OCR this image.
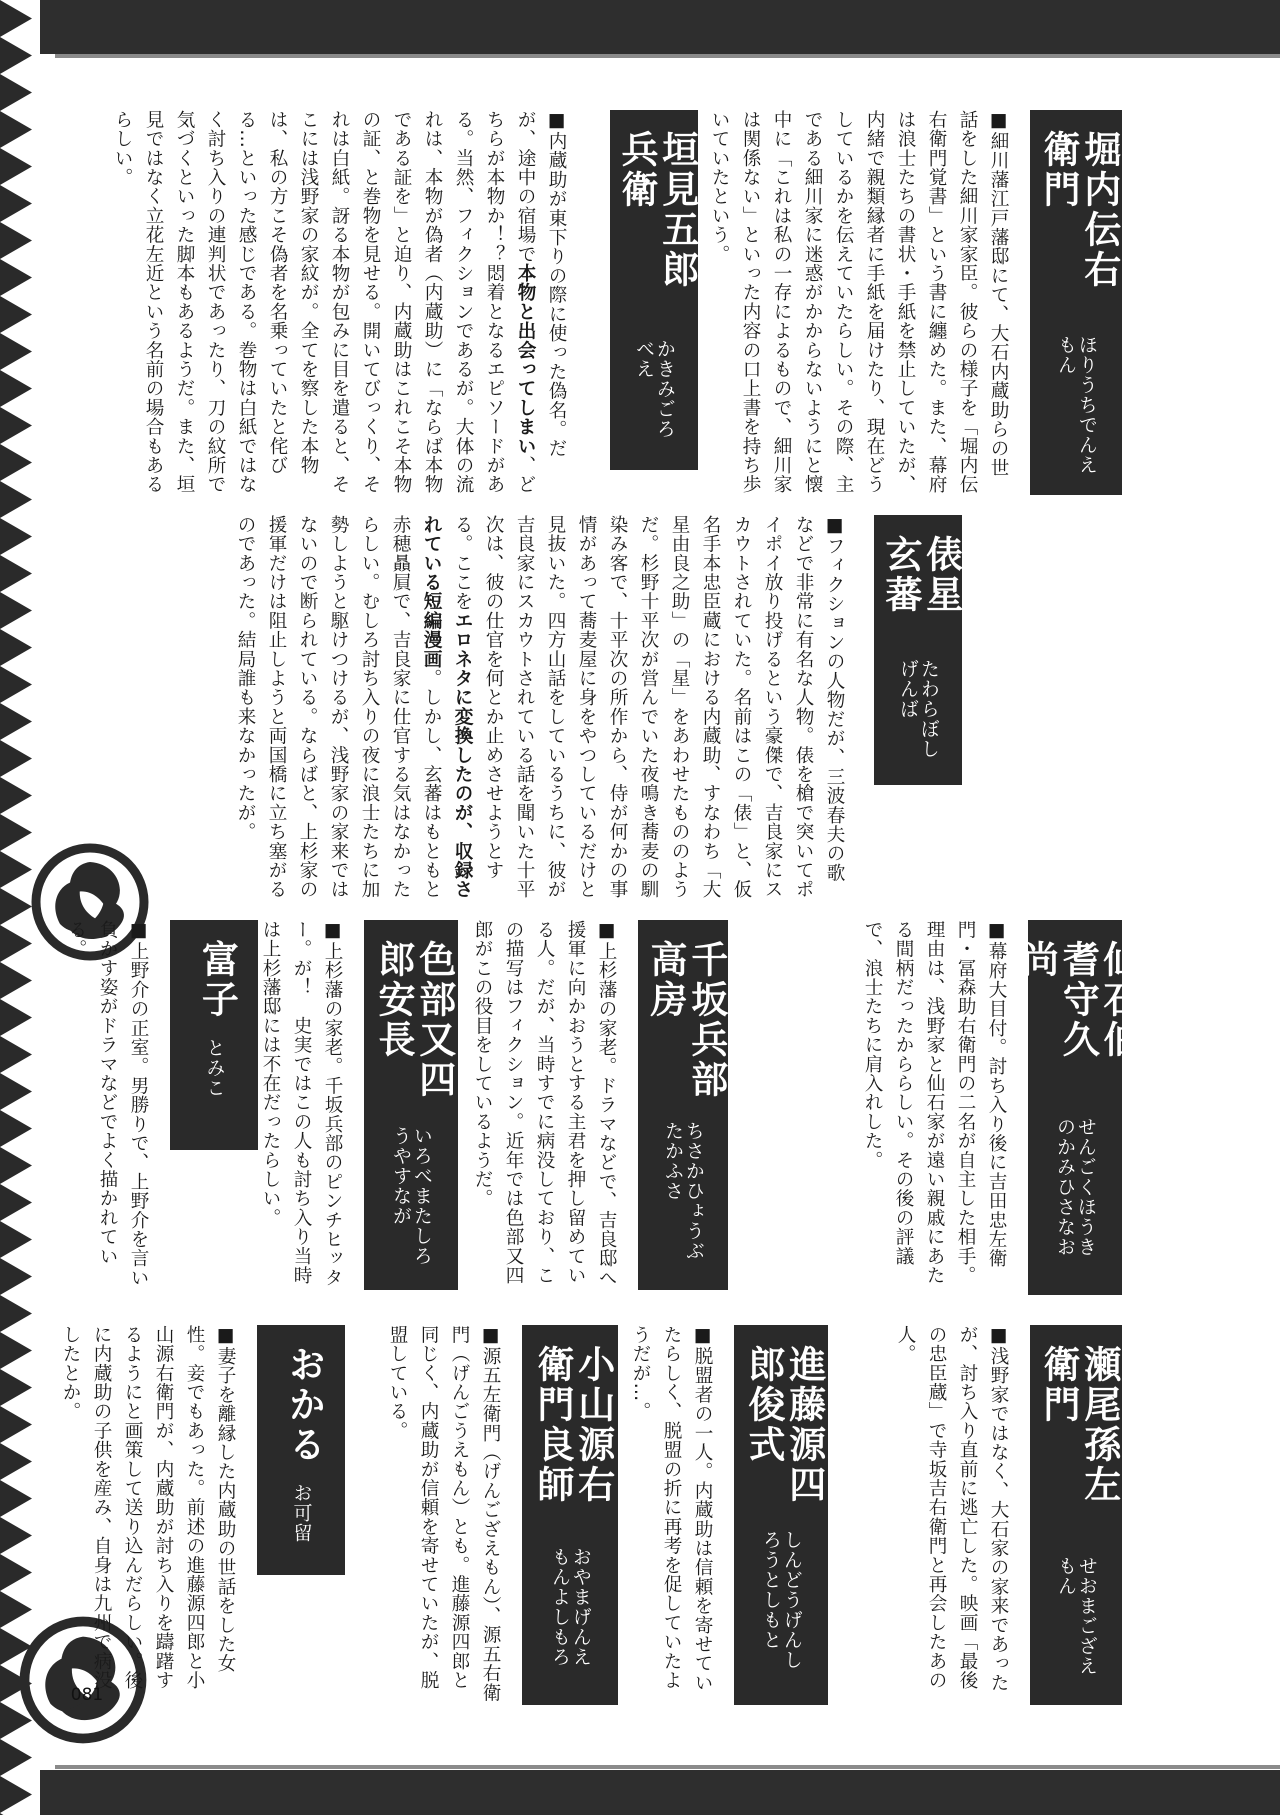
081
堀内伝右衛門
ほりうちでんえもん
■細川藩江戸藩邸にて、大石内蔵助らの世話をした細川家家臣。彼らの様子を「堀内伝右衛門覚書」という書に纏めた。また、幕府は浪士たちの書状・手紙を禁止していたが、内緒で親類縁者に手紙を届けたり、現在どうしているかを伝えていたらしい。その際、主である細川家に迷惑がかからないようにと懐中に「これは私の一存によるもので、細川家は関係ない」といった内容の口上書を持ち歩いていたという。
垣見五郎兵衛
かきみごろべえ
■内蔵助が東下りの際に使った偽名。だが、途中の宿場で本物と出会ってしまい、どちらが本物か！？悶着となるエピソードがある。当然、フィクションであるが。大体の流れは、本物が偽者（内蔵助）に「ならば本物である証を」と迫り、内蔵助はこれこそ本物の証、と巻物を見せる。開いてびっくり、それは白紙。訝る本物が包みに目を遣ると、そこには浅野家の家紋が。全てを察した本物は、私の方こそ偽者を名乗っていたと侘びる…といった感じである。巻物は白紙ではなく討ち入りの連判状であったり、刀の紋所で気づくといった脚本もあるようだ。また、垣見ではなく立花左近という名前の場合もあるらしい。
俵星玄蕃
たわらぼしげんば
■フィクションの人物だが、三波春夫の歌などで非常に有名な人物。俵を槍で突いてポイポイ放り投げるという豪傑で、吉良家にスカウトされていた。名前はこの「俵」と、仮名手本忠臣蔵における内蔵助、すなわち「大星由良之助」の「星」をあわせたもののようだ。杉野十平次が営んでいた夜鳴き蕎麦の馴染み客で、十平次の所作から、侍が何かの事情があって蕎麦屋に身をやつしているだけと見抜いた。四方山話をしているうちに、彼が吉良家にスカウトされている話を聞いた十平次は、彼の仕官を何とか止めさせようとする。ここをエロネタに変換したのが、収録されている短編漫画。しかし、玄蕃はもともと赤穂贔屓で、吉良家に仕官する気はなかったらしい。むしろ討ち入りの夜に浪士たちに加勢しようと駆けつけるが、浅野家の家来ではないので断られている。ならばと、上杉家の援軍だけは阻止しようと両国橋に立ち塞がるのであった。結局誰も来なかったが。
仙石伯耆守久尚
せんごくほうきのかみひさなお
■幕府大目付。討ち入り後に吉田忠左衛門・冨森助右衛門の二名が自主した相手。理由は、浅野家と仙石家が遠い親戚にあたる間柄だったかららしい。その後の評議で、浪士たちに肩入れした。
千坂兵部高房
ちさかひょうぶたかふさ
■上杉藩の家老。ドラマなどで、吉良邸へ援軍に向かおうとする主君を押し留めている人。だが、当時すでに病没しており、この描写はフィクション。近年では色部又四郎がこの役目をしているようだ。
色部又四郎安長
いろべまたしろうやすなが
■上杉藩の家老。千坂兵部のピンチヒッター。が！　史実ではこの人も討ち入り当時は上杉藩邸には不在だったらしい。
富子
とみこ
■上野介の正室。男勝りで、上野介を言い負かす姿がドラマなどでよく描かれている。
瀬尾孫左衛門
せおまござえもん
■浅野家ではなく、大石家の家来であったが、討ち入り直前に逃亡した。映画「最後の忠臣蔵」で寺坂吉右衛門と再会したあの人。
進藤源四郎俊式
しんどうげんしろうとしもと
■脱盟者の一人。内蔵助は信頼を寄せていたらしく、脱盟の折に再考を促していたようだが…。
小山源右衛門良師
おやまげんえもんよしもろ
■源五左衛門（げんござえもん）、源五右衛門（げんごうえもん）とも。進藤源四郎と同じく、内蔵助が信頼を寄せていたが、脱盟している。
おかる
お可留
■妻子を離縁した内蔵助の世話をした女性。妾でもあった。前述の進藤源四郎と小山源右衛門が、内蔵助が討ち入りを躊躇するようにと画策して送り込んだらしい。後に内蔵助の子供を産み、自身は九州で病没したとか。
